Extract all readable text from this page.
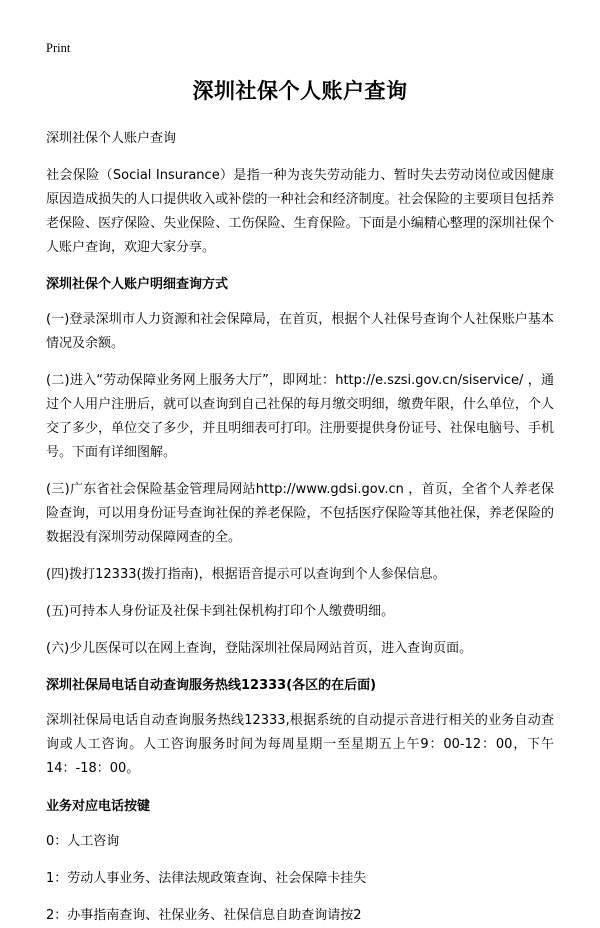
Print
深圳社保个人账户查询

深圳社保个人账户查询

社会保险（Social Insurance）是指一种为丧失劳动能力、暂时失去劳动岗位或因健康原因造成损失的人口提供收入或补偿的一种社会和经济制度。社会保险的主要项目包括养老保险、医疗保险、失业保险、工伤保险、生育保险。下面是小编精心整理的深圳社保个人账户查询，欢迎大家分享。

深圳社保个人账户明细查询方式

(一)登录深圳市人力资源和社会保障局，在首页，根据个人社保号查询个人社保账户基本情况及余额。

(二)进入“劳动保障业务网上服务大厅”，即网址：http://e.szsi.gov.cn/siservice/ ，通过个人用户注册后，就可以查询到自己社保的每月缴交明细，缴费年限，什么单位，个人交了多少，单位交了多少，并且明细表可打印。注册要提供身份证号、社保电脑号、手机号。下面有详细图解。

(三)广东省社会保险基金管理局网站http://www.gdsi.gov.cn ，首页，全省个人养老保险查询，可以用身份证号查询社保的养老保险，不包括医疗保险等其他社保，养老保险的数据没有深圳劳动保障网查的全。

(四)拨打12333(拨打指南)，根据语音提示可以查询到个人参保信息。

(五)可持本人身份证及社保卡到社保机构打印个人缴费明细。

(六)少儿医保可以在网上查询，登陆深圳社保局网站首页，进入查询页面。

深圳社保局电话自动查询服务热线12333(各区的在后面)

深圳社保局电话自动查询服务热线12333,根据系统的自动提示音进行相关的业务自动查询或人工咨询。人工咨询服务时间为每周星期一至星期五上午9：00-12：00，下午14：-18：00。

业务对应电话按键

0：人工咨询

1：劳动人事业务、法律法规政策查询、社会保障卡挂失

2：办事指南查询、社保业务、社保信息自助查询请按2
